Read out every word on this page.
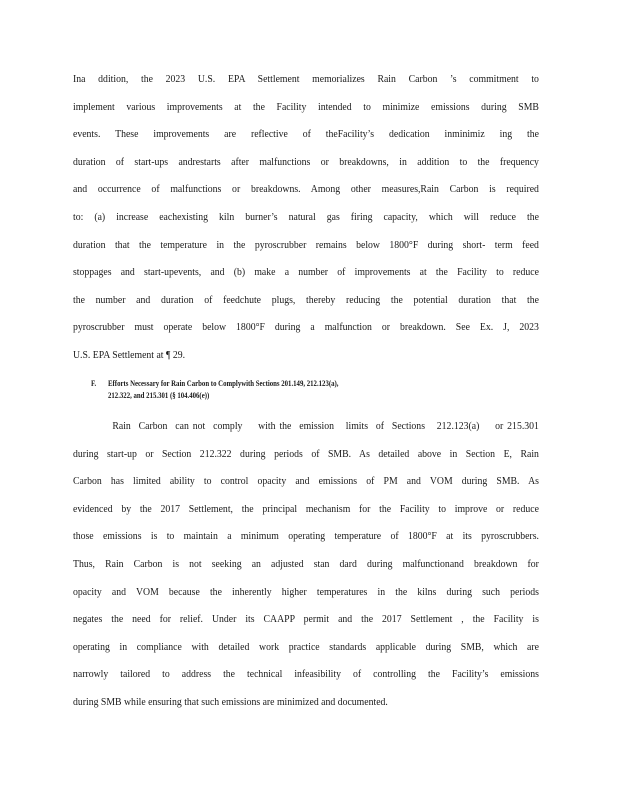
Ina ddition, the 2023 U.S. EPA Settlement memorializes Rain Carbon ’s commitment to
implement various improvements at the Facility intended to minimize emissions during SMB
events. These improvements are reflective of theFacility’s dedication inminimiz ing the
duration of start-ups andrestarts after malfunctions or breakdowns, in addition to the frequency
and occurrence of malfunctions or breakdowns. Among other measures,Rain Carbon is required
to: (a) increase eachexisting kiln burner’s natural gas firing capacity, which will reduce the
duration that the temperature in the pyroscrubber remains below 1800°F during short- term feed
stoppages and start-upevents, and (b) make a number of improvements at the Facility to reduce
the number and duration of feedchute plugs, thereby reducing the potential duration that the
pyroscrubber must operate below 1800°F during a malfunction or breakdown. See Ex. J, 2023
U.S. EPA Settlement at ¶ 29.
F. Efforts Necessary for Rain Carbon to Complywith Sections 201.149, 212.123(a),
212.322, and 215.301 (§ 104.406(e))
Rain  Carbon  can not  comply    with the  emission   limits  of  Sections   212.123(a)    or 215.301
during start-up or Section 212.322 during periods of SMB. As detailed above in Section E, Rain
Carbon has limited ability to control opacity and emissions of PM and VOM during SMB. As
evidenced by the 2017 Settlement, the principal mechanism for the Facility to improve or reduce
those emissions is to maintain a minimum operating temperature of 1800°F at its pyroscrubbers.
Thus, Rain Carbon is not seeking an adjusted stan dard during malfunctionand breakdown for
opacity and VOM because the inherently higher temperatures in the kilns during such periods
negates the need for relief. Under its CAAPP permit and the 2017 Settlement , the Facility is
operating in compliance with detailed work practice standards applicable during SMB, which are
narrowly tailored to address the technical infeasibility of controlling the Facility’s emissions
during SMB while ensuring that such emissions are minimized and documented.
